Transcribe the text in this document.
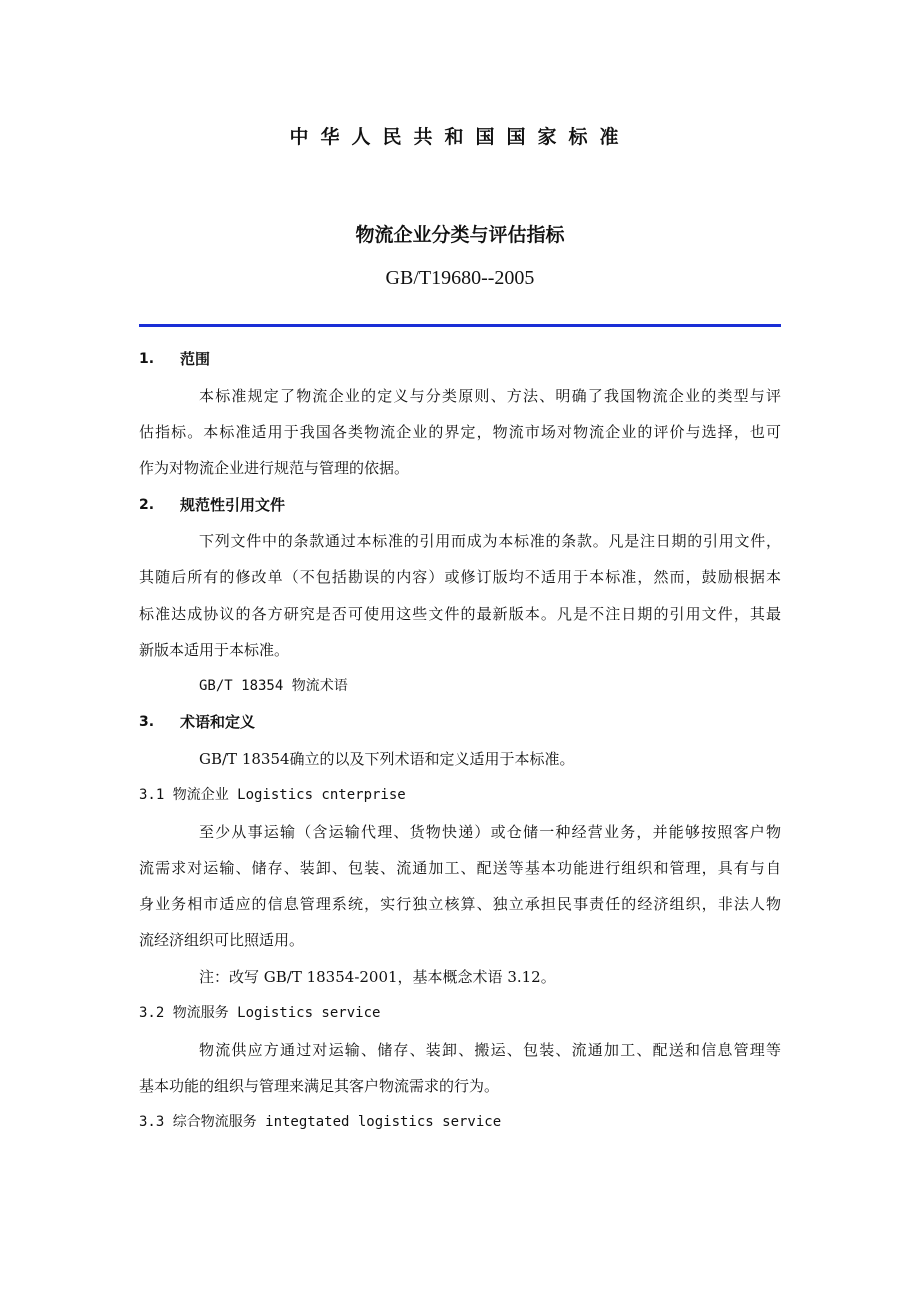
中华人民共和国国家标准
物流企业分类与评估指标
GB/T19680--2005
1. 范围
本标准规定了物流企业的定义与分类原则、方法、明确了我国物流企业的类型与评
估指标。本标准适用于我国各类物流企业的界定，物流市场对物流企业的评价与选择，也可
作为对物流企业进行规范与管理的依据。
2. 规范性引用文件
下列文件中的条款通过本标准的引用而成为本标准的条款。凡是注日期的引用文件，
其随后所有的修改单（不包括勘误的内容）或修订版均不适用于本标准，然而，鼓励根据本
标准达成协议的各方研究是否可使用这些文件的最新版本。凡是不注日期的引用文件，其最
新版本适用于本标准。
GB/T 18354 物流术语
3. 术语和定义
GB/T 18354确立的以及下列术语和定义适用于本标准。
3.1 物流企业 Logistics cnterprise
至少从事运输（含运输代理、货物快递）或仓储一种经营业务，并能够按照客户物
流需求对运输、储存、装卸、包装、流通加工、配送等基本功能进行组织和管理，具有与自
身业务相市适应的信息管理系统，实行独立核算、独立承担民事责任的经济组织，非法人物
流经济组织可比照适用。
注：改写 GB/T 18354-2001，基本概念术语 3.12。
3.2 物流服务 Logistics service
物流供应方通过对运输、储存、装卸、搬运、包装、流通加工、配送和信息管理等
基本功能的组织与管理来满足其客户物流需求的行为。
3.3 综合物流服务 integtated logistics service
